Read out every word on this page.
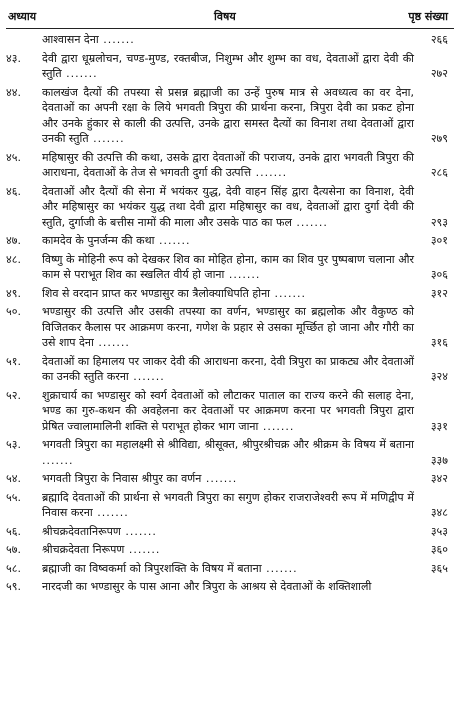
अध्याय	विषय	पृष्ठ संख्या
आश्वासन देना .......	२६६
४३.	देवी द्वारा धूम्रलोचन, चण्ड-मुण्ड, रक्तबीज, निशुम्भ और शुम्भ का वध, देवताओं द्वारा देवी की स्तुति .......	२७२
४४.	कालखंज दैत्यों की तपस्या से प्रसन्न ब्रह्माजी का उन्हें पुरुष मात्र से अवध्यत्व का वर देना, देवताओं का अपनी रक्षा के लिये भगवती त्रिपुरा की प्रार्थना करना, त्रिपुरा देवी का प्रकट होना और उनके हुंकार से काली की उत्पत्ति, उनके द्वारा समस्त दैत्यों का विनाश तथा देवताओं द्वारा उनकी स्तुति .......	२७९
४५.	महिषासुर की उत्पत्ति की कथा, उसके द्वारा देवताओं की पराजय, उनके द्वारा भगवती त्रिपुरा की आराधना, देवताओं के तेज से भगवती दुर्गा की उत्पत्ति .......	२८६
४६.	देवताओं और दैत्यों की सेना में भयंकर युद्ध, देवी वाहन सिंह द्वारा दैत्यसेना का विनाश, देवी और महिषासुर का भयंकर युद्ध तथा देवी द्वारा महिषासुर का वध, देवताओं द्वारा दुर्गा देवी की स्तुति, दुर्गाजी के बत्तीस नामों की माला और उसके पाठ का फल .......	२९३
४७.	कामदेव के पुनर्जन्म की कथा .......	३०१
४८.	विष्णु के मोहिनी रूप को देखकर शिव का मोहित होना, काम का शिव पुर पुष्पबाण चलाना और काम से पराभूत शिव का स्खलित वीर्य हो जाना .......	३०६
४९.	शिव से वरदान प्राप्त कर भण्डासुर का त्रैलोक्याधिपति होना .......	३१२
५०.	भण्डासुर की उत्पत्ति और उसकी तपस्या का वर्णन, भण्डासुर का ब्रह्मलोक और वैकुण्ठ को विजितकर कैलास पर आक्रमण करना, गणेश के प्रहार से उसका मूर्च्छित हो जाना और गौरी का उसे शाप देना .......	३१६
५१.	देवताओं का हिमालय पर जाकर देवी की आराधना करना, देवी त्रिपुरा का प्राकट्य और देवताओं का उनकी स्तुति करना .......	३२४
५२.	शुक्राचार्य का भण्डासुर को स्वर्ग देवताओं को लौटाकर पाताल का राज्य करने की सलाह देना, भण्ड का गुरु-कथन की अवहेलना कर देवताओं पर आक्रमण करना पर भगवती त्रिपुरा द्वारा प्रेषित ज्वालामालिनी शक्ति से पराभूत होकर भाग जाना .......	३३१
५३.	भगवती त्रिपुरा का महालक्ष्मी से श्रीविद्या, श्रीसूक्त, श्रीपुरश्रीचक्र और श्रीक्रम के विषय में बताना .......	३३७
५४.	भगवती त्रिपुरा के निवास श्रीपुर का वर्णन .......	३४२
५५.	ब्रह्मादि देवताओं की प्रार्थना से भगवती त्रिपुरा का सगुण होकर राजराजेश्वरी रूप में मणिद्वीप में निवास करना .......	३४८
५६.	श्रीचक्रदेवतानिरूपण .......	३५३
५७.	श्रीचक्रदेवता निरूपण .......	३६०
५८.	ब्रह्माजी का विष्वकर्मा को त्रिपुरशक्ति के विषय में बताना .......	३६५
५९.	नारदजी का भण्डासुर के पास आना और त्रिपुरा के आश्रय से देवताओं के शक्तिशाली
